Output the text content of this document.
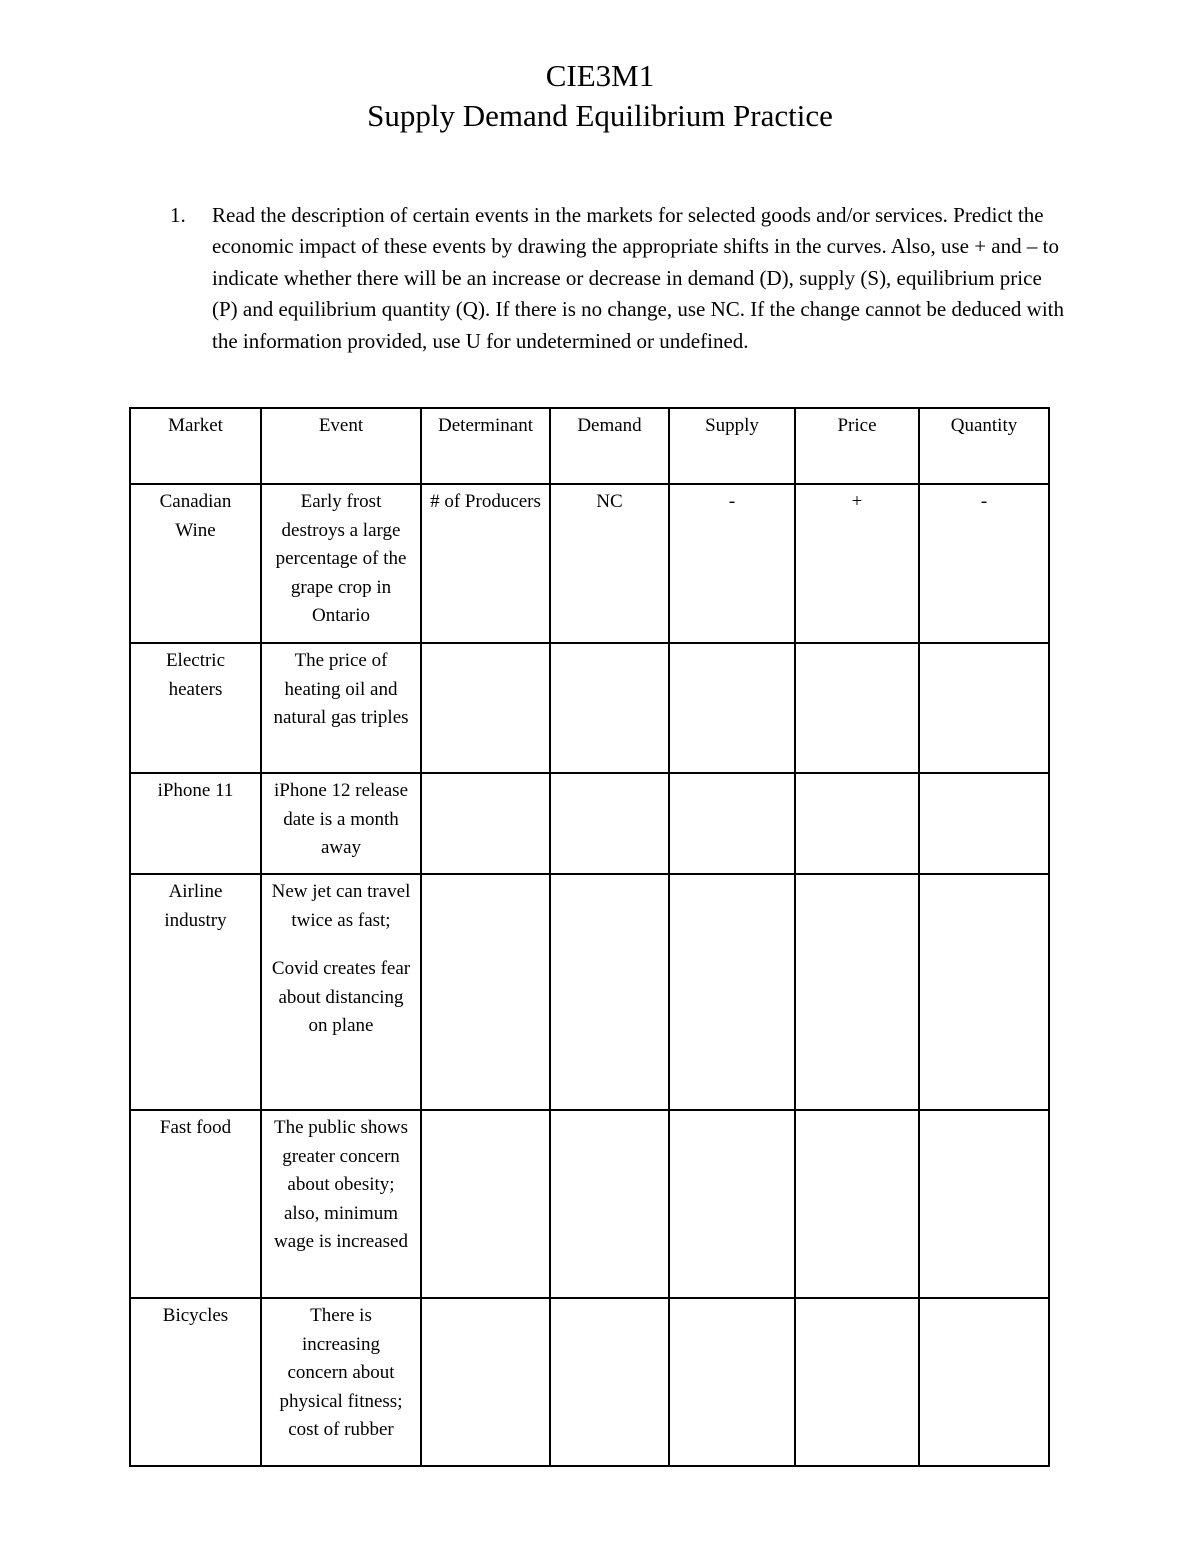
CIE3M1
Supply Demand Equilibrium Practice
1. Read the description of certain events in the markets for selected goods and/or services. Predict the economic impact of these events by drawing the appropriate shifts in the curves. Also, use + and – to indicate whether there will be an increase or decrease in demand (D), supply (S), equilibrium price (P) and equilibrium quantity (Q). If there is no change, use NC. If the change cannot be deduced with the information provided, use U for undetermined or undefined.
Market	Event	Determinant	Demand	Supply	Price	Quantity
Canadian Wine	Early frost destroys a large percentage of the grape crop in Ontario	# of Producers	NC	-	+	-
Electric heaters	The price of heating oil and natural gas triples					

iPhone 11	iPhone 12 release date is a month away					

Airline industry	New jet can travel twice as fast;
Covid creates fear about distancing on plane					

Fast food	The public shows greater concern about obesity; also, minimum wage is increased					

Bicycles	There is increasing concern about physical fitness; cost of rubber					
